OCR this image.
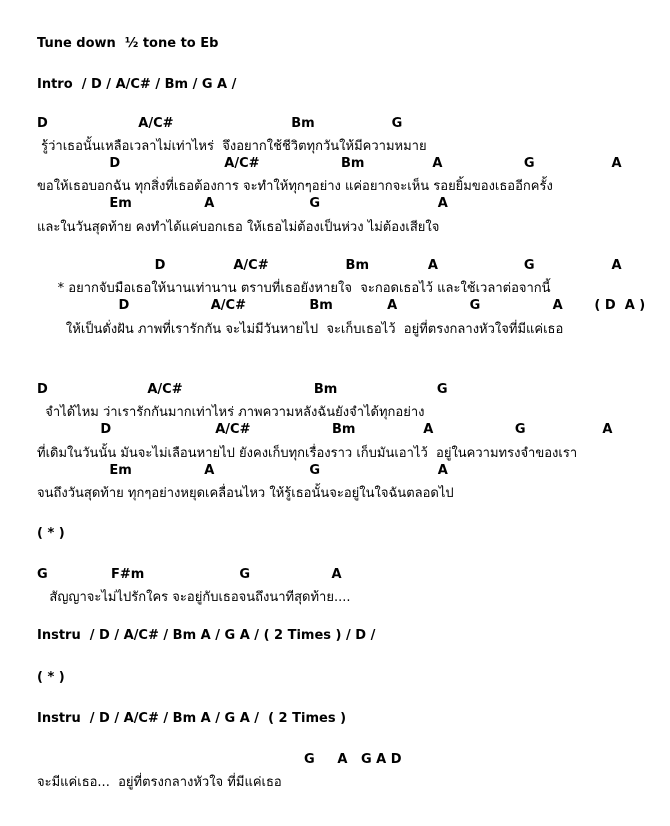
Tune down  ½ tone to Eb
Intro  / D / A/C# / Bm / G A /
D                    A/C#                          Bm                 G
รู้ว่าเธอนั้นเหลือเวลาไม่เท่าไหร่  จึงอยากใช้ชีวิตทุกวันให้มีความหมาย
D                       A/C#                  Bm               A                  G                 A
ขอให้เธอบอกฉัน ทุกสิ่งที่เธอต้องการ จะทำให้ทุกๆอย่าง แค่อยากจะเห็น รอยยิ้มของเธออีกครั้ง
Em                A                     G                          A
และในวันสุดท้าย คงทำได้แค่บอกเธอ ให้เธอไม่ต้องเป็นห่วง ไม่ต้องเสียใจ
D               A/C#                 Bm             A                   G                 A
* อยากจับมือเธอให้นานเท่านาน ตราบที่เธอยังหายใจ  จะกอดเธอไว้ และใช้เวลาต่อจากนี้
D                  A/C#              Bm            A                G                A       ( D  A )
ให้เป็นดั่งฝัน ภาพที่เรารักกัน จะไม่มีวันหายไป  จะเก็บเธอไว้  อยู่ที่ตรงกลางหัวใจที่มีแค่เธอ
D                      A/C#                             Bm                      G
จำได้ไหม ว่าเรารักกันมากเท่าไหร่ ภาพความหลังฉันยังจำได้ทุกอย่าง
D                       A/C#                  Bm               A                  G                 A
ที่เดิมในวันนั้น มันจะไม่เลือนหายไป ยังคงเก็บทุกเรื่องราว เก็บมันเอาไว้  อยู่ในความทรงจำของเรา
Em                A                     G                          A
จนถึงวันสุดท้าย ทุกๆอย่างหยุดเคลื่อนไหว ให้รู้เธอนั้นจะอยู่ในใจฉันตลอดไป
( * )
G              F#m                     G                  A
สัญญาจะไม่ไปรักใคร จะอยู่กับเธอจนถึงนาทีสุดท้าย....
Instru  / D / A/C# / Bm A / G A / ( 2 Times ) / D /
( * )
Instru  / D / A/C# / Bm A / G A /  ( 2 Times )
G     A   G A D
จะมีแค่เธอ...  อยู่ที่ตรงกลางหัวใจ ที่มีแค่เธอ
